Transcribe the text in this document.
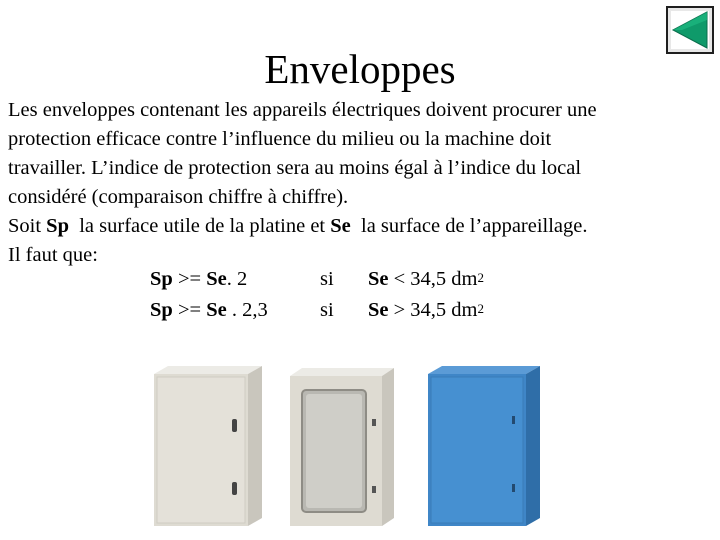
Enveloppes
Les enveloppes contenant les appareils électriques doivent procurer une
protection efficace contre l’influence du milieu ou la machine doit
travailler. L’indice de protection sera au moins égal à l’indice du local
considéré (comparaison chiffre à chiffre).
Soit Sp  la surface utile de la platine et Se  la surface de l’appareillage.
Il faut que:
Sp >= Se. 2	si Se < 34,5 $dm^2$
Sp >= Se . 2,3	si Se > 34,5 $dm^2$
